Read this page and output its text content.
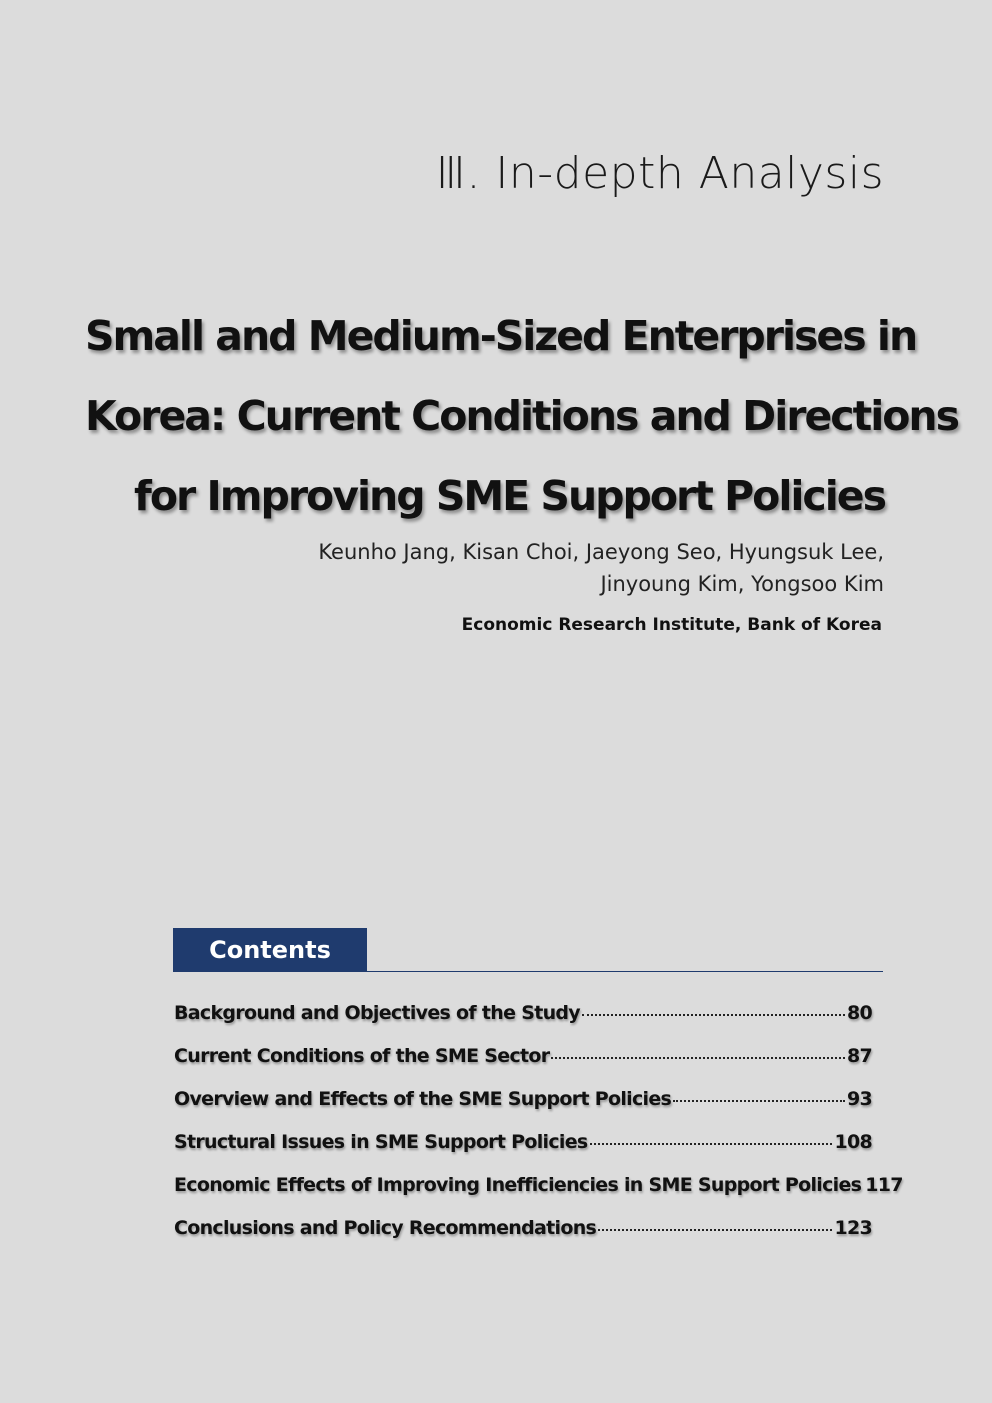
Ⅲ. In-depth Analysis
Small and Medium-Sized Enterprises in
Korea: Current Conditions and Directions
for Improving SME Support Policies
Keunho Jang, Kisan Choi, Jaeyong Seo, Hyungsuk Lee,
Jinyoung Kim, Yongsoo Kim
Economic Research Institute, Bank of Korea
Contents
Background and Objectives of the Study	80
Current Conditions of the SME Sector	87
Overview and Effects of the SME Support Policies	93
Structural Issues in SME Support Policies	108
Economic Effects of Improving Inefficiencies in SME Support Policies 117
Conclusions and Policy Recommendations	123
